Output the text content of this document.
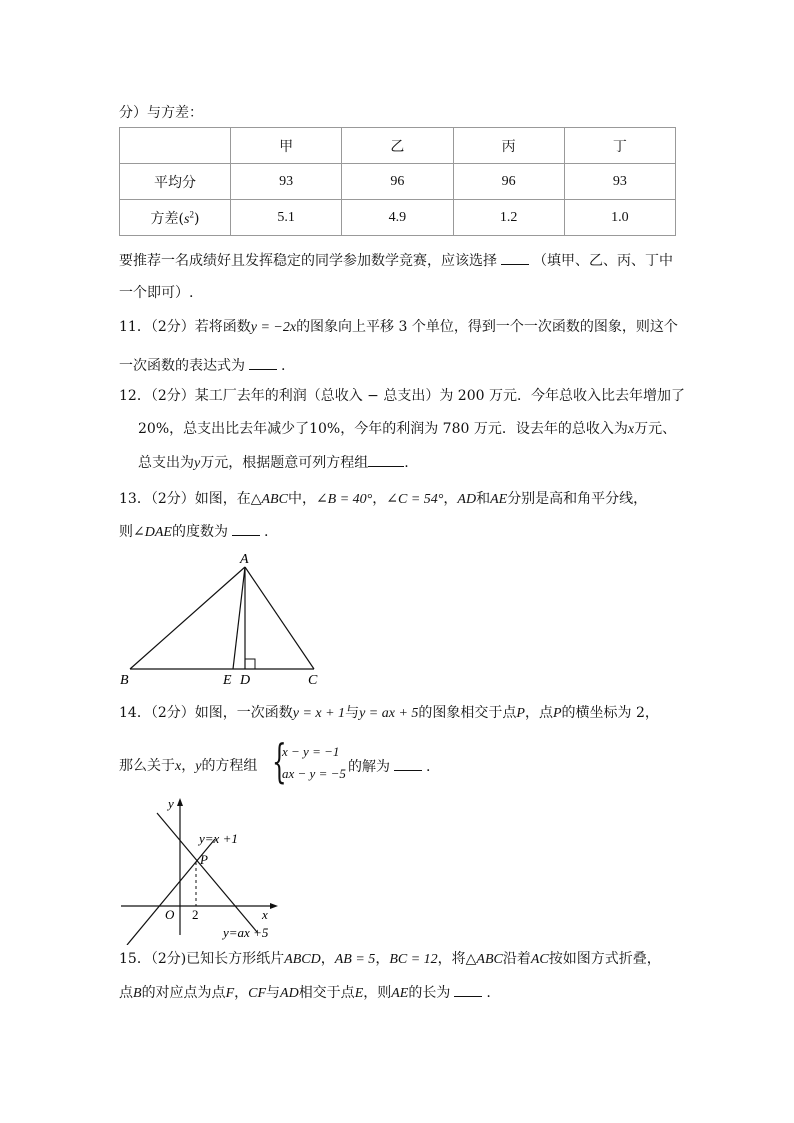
分）与方差：
	甲	乙	丙	丁
平均分	93	96	96	93
方差$(s^2)$	5.1	4.9	1.2	1.0
要推荐一名成绩好且发挥稳定的同学参加数学竞赛，应该选择	（填甲、乙、丙、丁中
一个即可）.
11．（2分）若将函数y = −2x的图象向上平移 3 个单位，得到一个一次函数的图象，则这个
一次函数的表达式为	.
12．（2分）某工厂去年的利润（总收入 − 总支出）为 200 万元．今年总收入比去年增加了
20%，总支出比去年减少了10%，今年的利润为 780 万元．设去年的总收入为x万元、
总支出为y万元，根据题意可列方程组	.
13．（2分）如图，在△ABC中，∠B = 40°，∠C = 54°，AD和AE分别是高和角平分线，
则∠DAE的度数为	.
A
B	E D	C
14．（2分）如图，一次函数y = x + 1与y = ax + 5的图象相交于点P，点P的横坐标为 2，
那么关于x，y的方程组 {
x − y = −1
ax − y = −5 的解为	.
y
x
O 2
P
y=x +1
y=ax +5
15．（2分)已知长方形纸片ABCD，AB = 5，BC = 12，将△ABC沿着AC按如图方式折叠，
点B的对应点为点F，CF与AD相交于点E，则AE的长为	.
